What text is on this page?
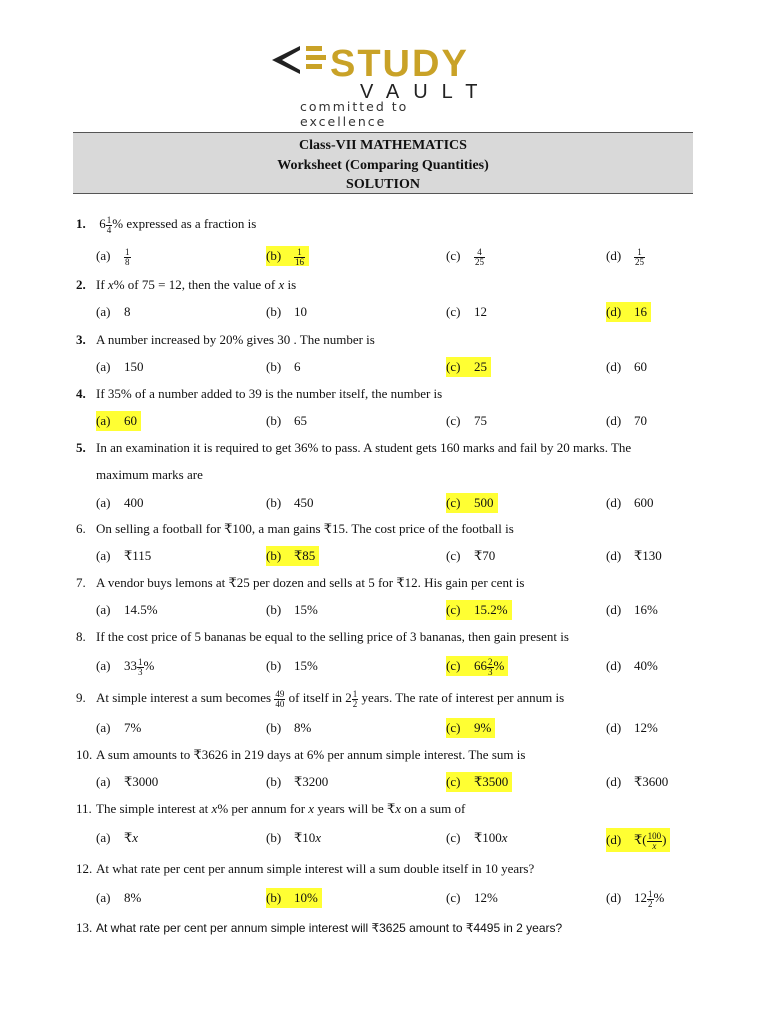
STUDY
VAULT
committed to excellence
Class-VII MATHEMATICS
Worksheet (Comparing Quantities)
SOLUTION
1. $6 \frac{1}{4}$ % expressed as a fraction is
$(a) \frac{1}{8}$	$(b) \frac{1}{16}$	$(c) \frac{4}{25}$	$(d) \frac{1}{25}$
2. If x% of 75 = 12, then the value of x is
(a) 8	(b) 10	(c) 12	(d) 16
3. A number increased by 20% gives 30 . The number is
(a) 150	(b) 6	(c) 25	(d) 60
4. If 35% of a number added to 39 is the number itself, the number is
(a) 60	(b) 65	(c) 75	(d) 70
5. In an examination it is required to get 36% to pass. A student gets 160 marks and fail by 20 marks. The
maximum marks are
(a) 400	(b) 450	(c) 500	(d) 600
6. On selling a football for ₹100, a man gains ₹15. The cost price of the football is
(a) ₹115	(b) ₹85	(c) ₹70	(d) ₹130
7. A vendor buys lemons at ₹25 per dozen and sells at 5 for ₹12. His gain per cent is
(a) 14.5%	(b) 15%	(c) 15.2%	(d) 16%
8. If the cost price of 5 bananas be equal to the selling price of 3 bananas, then gain present is
(a) $33 \frac{1}{3}$ %	(b) 15%	(c) $66 \frac{2}{3}$ %	(d) 40%
9. At simple interest a sum becomes $\frac{49}{40}$ of itself in $2 \frac{1}{2}$ years. The rate of interest per annum is
(a) 7%	(b) 8%	(c) 9%	(d) 12%
10. A sum amounts to ₹3626 in 219 days at 6% per annum simple interest. The sum is
(a) ₹3000	(b) ₹3200	(c) ₹3500	(d) ₹3600
11. The simple interest at x% per annum for x years will be ₹x on a sum of
(a) ₹x	(b) ₹10x	(c) ₹100x	(d) ₹( $\frac{100}{x}$ )
12. At what rate per cent per annum simple interest will a sum double itself in 10 years?
(a) 8%	(b) 10%	(c) 12%	(d) $12 \frac{1}{2}$ %
13. At what rate per cent per annum simple interest will ₹3625 amount to ₹4495 in 2 years?
